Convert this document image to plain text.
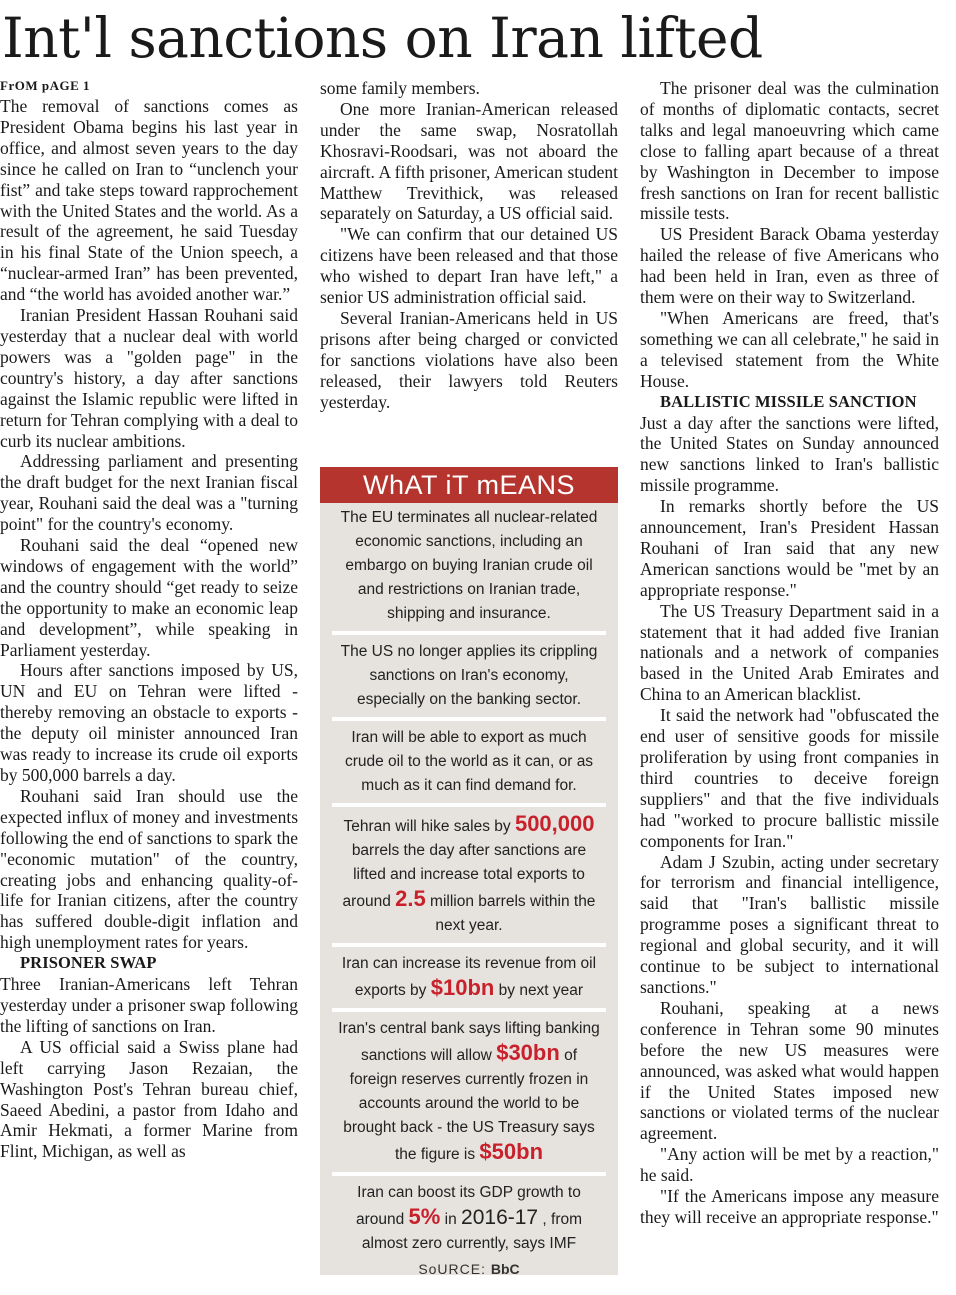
Int'l sanctions on Iran lifted
FrOM pAGE 1

The removal of sanctions comes as President Obama begins his last year in office, and almost seven years to the day since he called on Iran to “unclench your fist” and take steps toward rapprochement with the United States and the world. As a result of the agreement, he said Tuesday in his final State of the Union speech, a “nuclear-armed Iran” has been prevented, and “the world has avoided another war.”

Iranian President Hassan Rouhani said yesterday that a nuclear deal with world powers was a "golden page" in the country's history, a day after sanctions against the Islamic republic were lifted in return for Tehran complying with a deal to curb its nuclear ambitions.

Addressing parliament and presenting the draft budget for the next Iranian fiscal year, Rouhani said the deal was a "turning point" for the country's economy.

Rouhani said the deal “opened new windows of engagement with the world” and the country should “get ready to seize the opportunity to make an economic leap and development”, while speaking in Parliament yesterday.

Hours after sanctions imposed by US, UN and EU on Tehran were lifted - thereby removing an obstacle to exports - the deputy oil minister announced Iran was ready to increase its crude oil exports by 500,000 barrels a day.

Rouhani said Iran should use the expected influx of money and investments following the end of sanctions to spark the "economic mutation" of the country, creating jobs and enhancing quality-of-life for Iranian citizens, after the country has suffered double-digit inflation and high unemployment rates for years.

PRISONER SWAP

Three Iranian-Americans left Tehran yesterday under a prisoner swap following the lifting of sanctions on Iran.

A US official said a Swiss plane had left carrying Jason Rezaian, the Washington Post's Tehran bureau chief, Saeed Abedini, a pastor from Idaho and Amir Hekmati, a former Marine from Flint, Michigan, as well as

some family members.

One more Iranian-American released under the same swap, Nosratollah Khosravi-Roodsari, was not aboard the aircraft. A fifth prisoner, American student Matthew Trevithick, was released separately on Saturday, a US official said.

"We can confirm that our detained US citizens have been released and that those who wished to depart Iran have left," a senior US administration official said.

Several Iranian-Americans held in US prisons after being charged or convicted for sanctions violations have also been released, their lawyers told Reuters yesterday.

WhAT iT mEANS
The EU terminates all nuclear-related economic sanctions, including an embargo on buying Iranian crude oil and restrictions on Iranian trade, shipping and insurance.
The US no longer applies its crippling sanctions on Iran's economy, especially on the banking sector.
Iran will be able to export as much crude oil to the world as it can, or as much as it can find demand for.
Tehran will hike sales by 500,000 barrels the day after sanctions are lifted and increase total exports to around 2.5 million barrels within the next year.
Iran can increase its revenue from oil exports by $10bn by next year
Iran's central bank says lifting banking sanctions will allow $30bn of foreign reserves currently frozen in accounts around the world to be brought back - the US Treasury says the figure is $50bn
Iran can boost its GDP growth to around 5% in 2016-17 , from almost zero currently, says IMF
SoURCE: BbC

The prisoner deal was the culmination of months of diplomatic contacts, secret talks and legal manoeuvring which came close to falling apart because of a threat by Washington in December to impose fresh sanctions on Iran for recent ballistic missile tests.

US President Barack Obama yesterday hailed the release of five Americans who had been held in Iran, even as three of them were on their way to Switzerland.

"When Americans are freed, that's something we can all celebrate," he said in a televised statement from the White House.

BALLISTIC MISSILE SANCTION

Just a day after the sanctions were lifted, the United States on Sunday announced new sanctions linked to Iran's ballistic missile programme.

In remarks shortly before the US announcement, Iran's President Hassan Rouhani of Iran said that any new American sanctions would be "met by an appropriate response."

The US Treasury Department said in a statement that it had added five Iranian nationals and a network of companies based in the United Arab Emirates and China to an American blacklist.

It said the network had "obfuscated the end user of sensitive goods for missile proliferation by using front companies in third countries to deceive foreign suppliers" and that the five individuals had "worked to procure ballistic missile components for Iran."

Adam J Szubin, acting under secretary for terrorism and financial intelligence, said that "Iran's ballistic missile programme poses a significant threat to regional and global security, and it will continue to be subject to international sanctions."

Rouhani, speaking at a news conference in Tehran some 90 minutes before the new US measures were announced, was asked what would happen if the United States imposed new sanctions or violated terms of the nuclear agreement.

"Any action will be met by a reaction," he said.

"If the Americans impose any measure they will receive an appropriate response."
